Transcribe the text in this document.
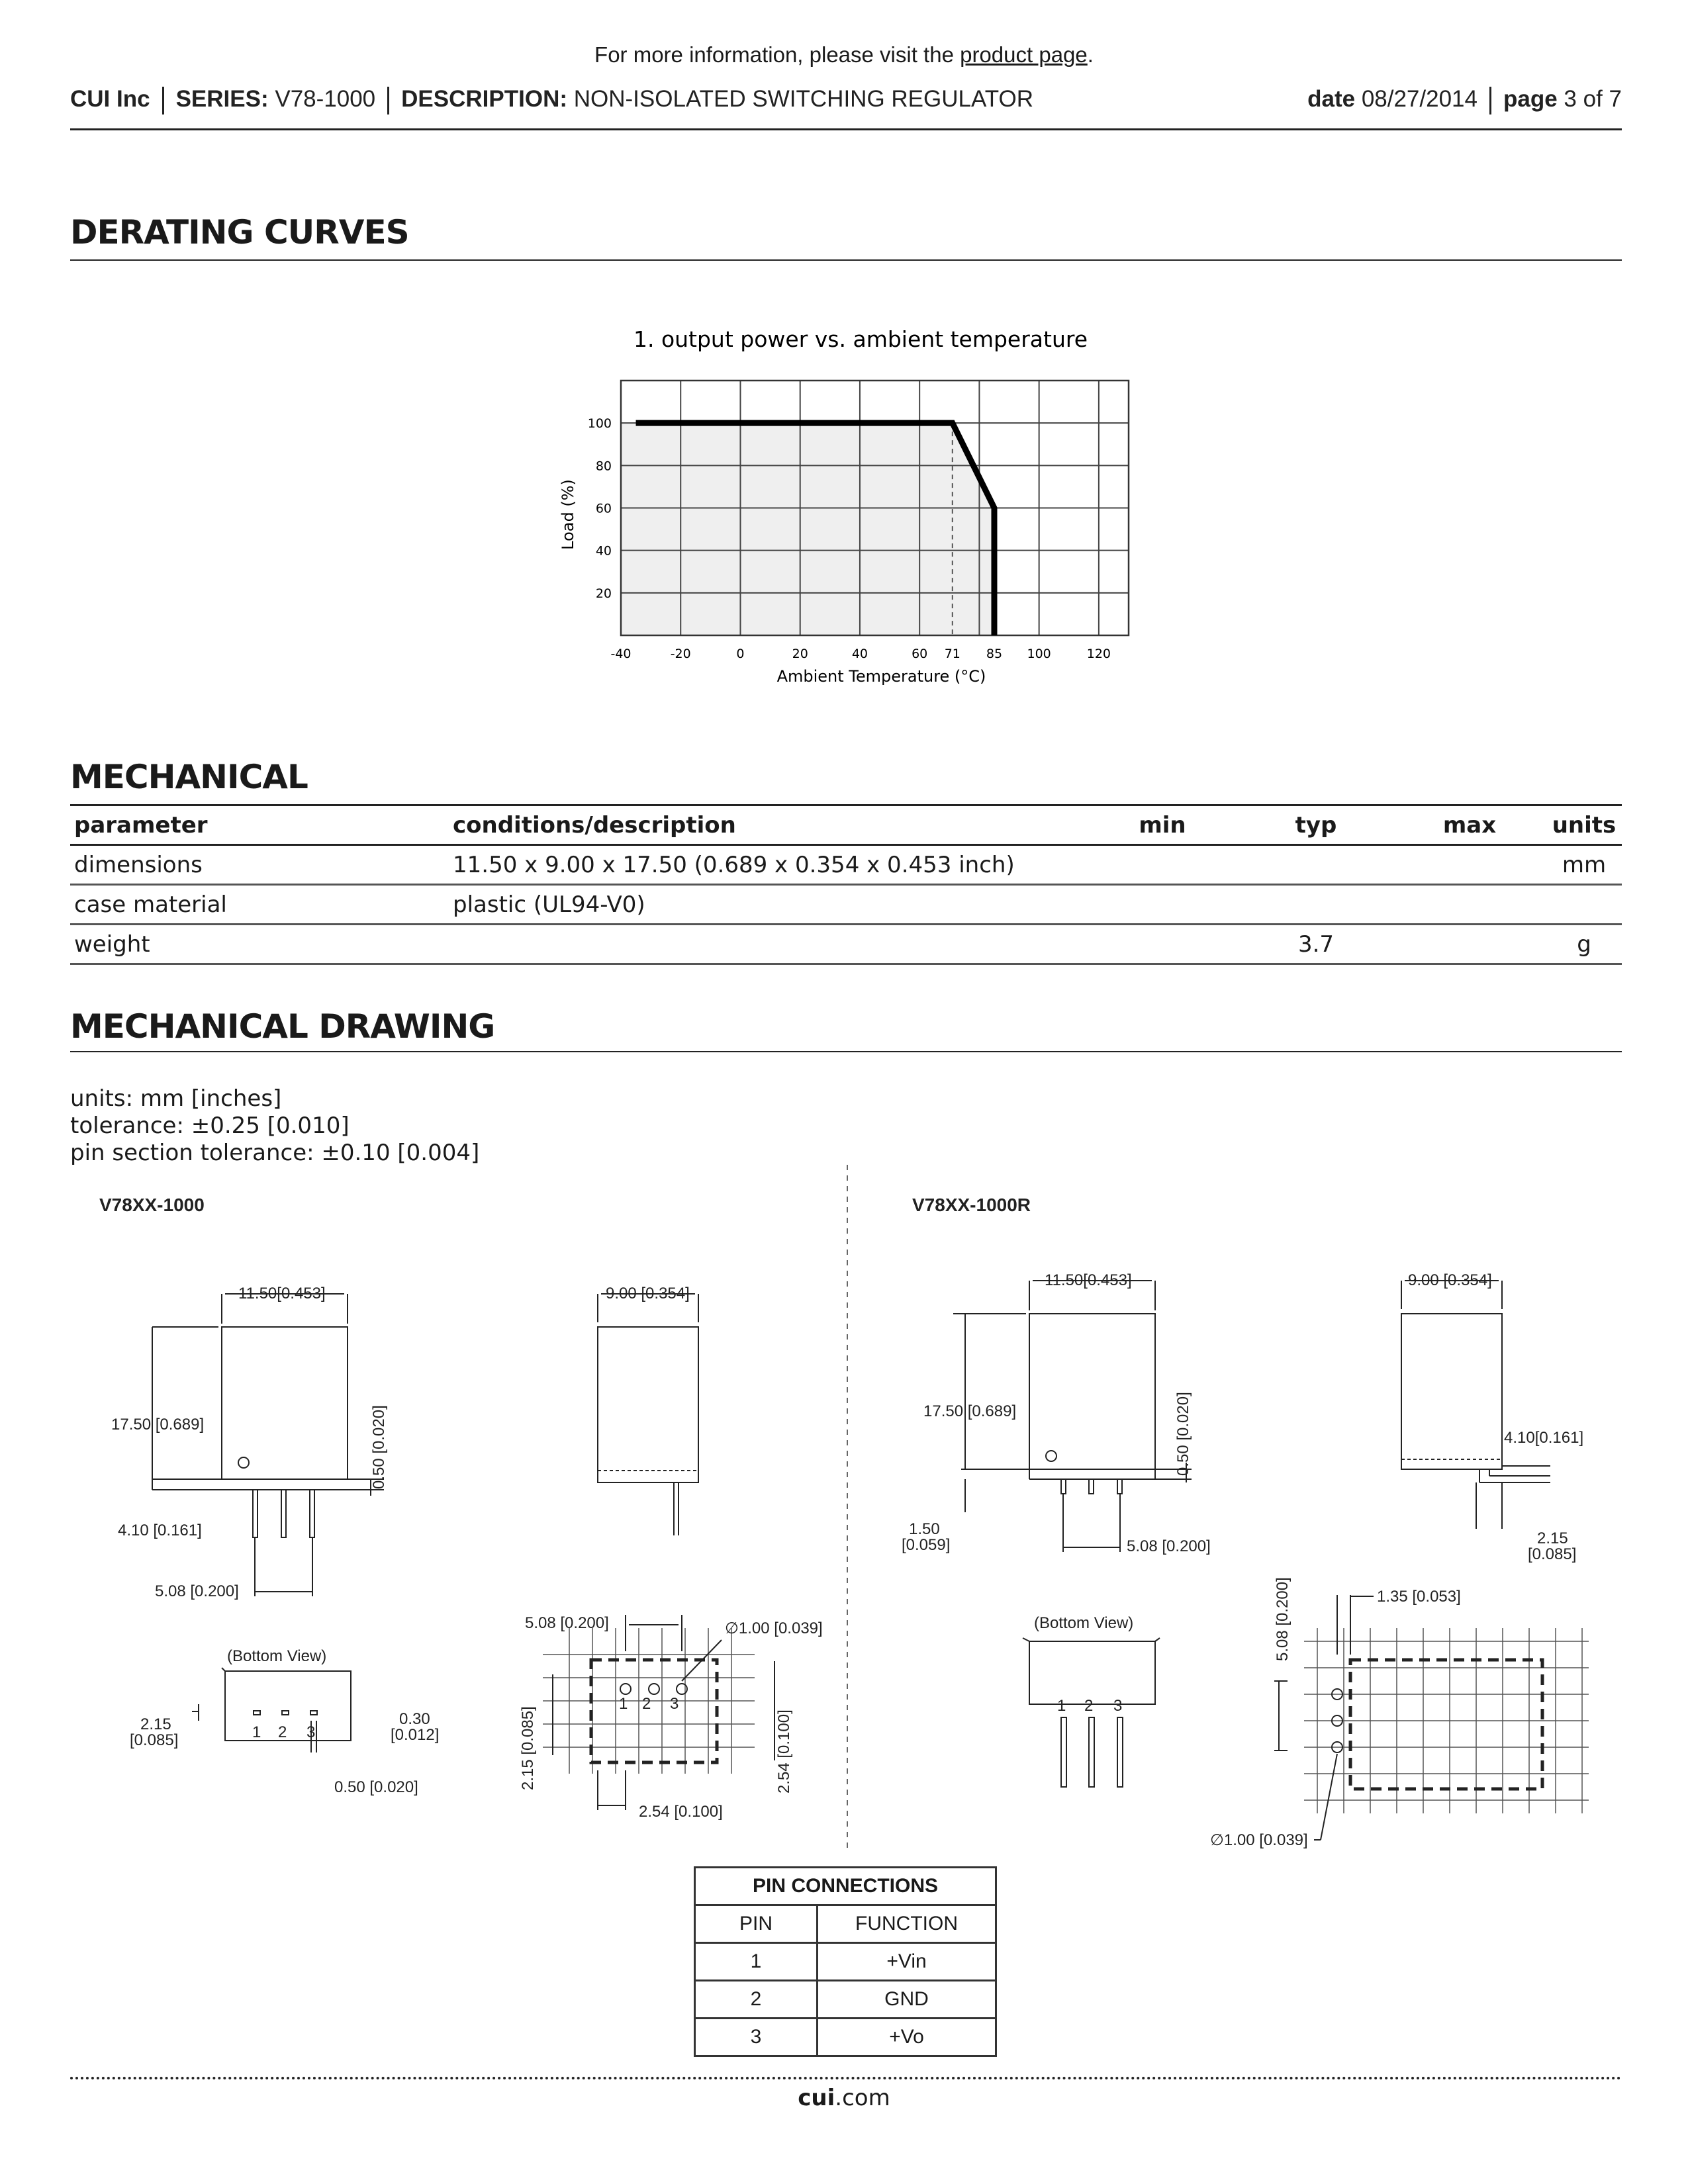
For more information, please visit the product page.
CUI Inc SERIES: V78-1000 DESCRIPTION: NON-ISOLATED SWITCHING REGULATOR	date 08/27/2014 page 3 of 7
DERATING CURVES
1. output power vs. ambient temperature
20
40
60
80
100
-40	-20	0	20	40	60 71 85 100	120
Ambient Temperature (°C)
Load (%)
MECHANICAL
parameter	conditions/description	min	typ	max	units
dimensions	11.50 x 9.00 x 17.50 (0.689 x 0.354 x 0.453 inch)				mm
case material	plastic (UL94-V0)				
weight			3.7		g
MECHANICAL DRAWING
units: mm [inches]
tolerance: ±0.25 [0.010]
pin section tolerance: ±0.10 [0.004]
V78XX-1000	V78XX-1000R
11.50[0.453]
17.50 [0.689]	0.50 [0.020]
4.10 [0.161]
5.08 [0.200]
9.00 [0.354]
(Bottom View)
2.15
[0.085]	1 2 3
0.30
[0.012]
0.50 [0.020]
5.08 [0.200]	∅1.00 [0.039]
1 2 3
2.15 [0.085]	2.54 [0.100]
2.54 [0.100]
11.50[0.453]
17.50 [0.689]	0.50 [0.020]
1.50
[0.059]	5.08 [0.200]
9.00 [0.354]
4.10[0.161]
2.15
[0.085]
(Bottom View)
1 2 3
1.35 [0.053]
5.08 [0.200]
∅1.00 [0.039]
PIN CONNECTIONS	
PIN	FUNCTION
1	+Vin
2	GND
3	+Vo
cui.com
